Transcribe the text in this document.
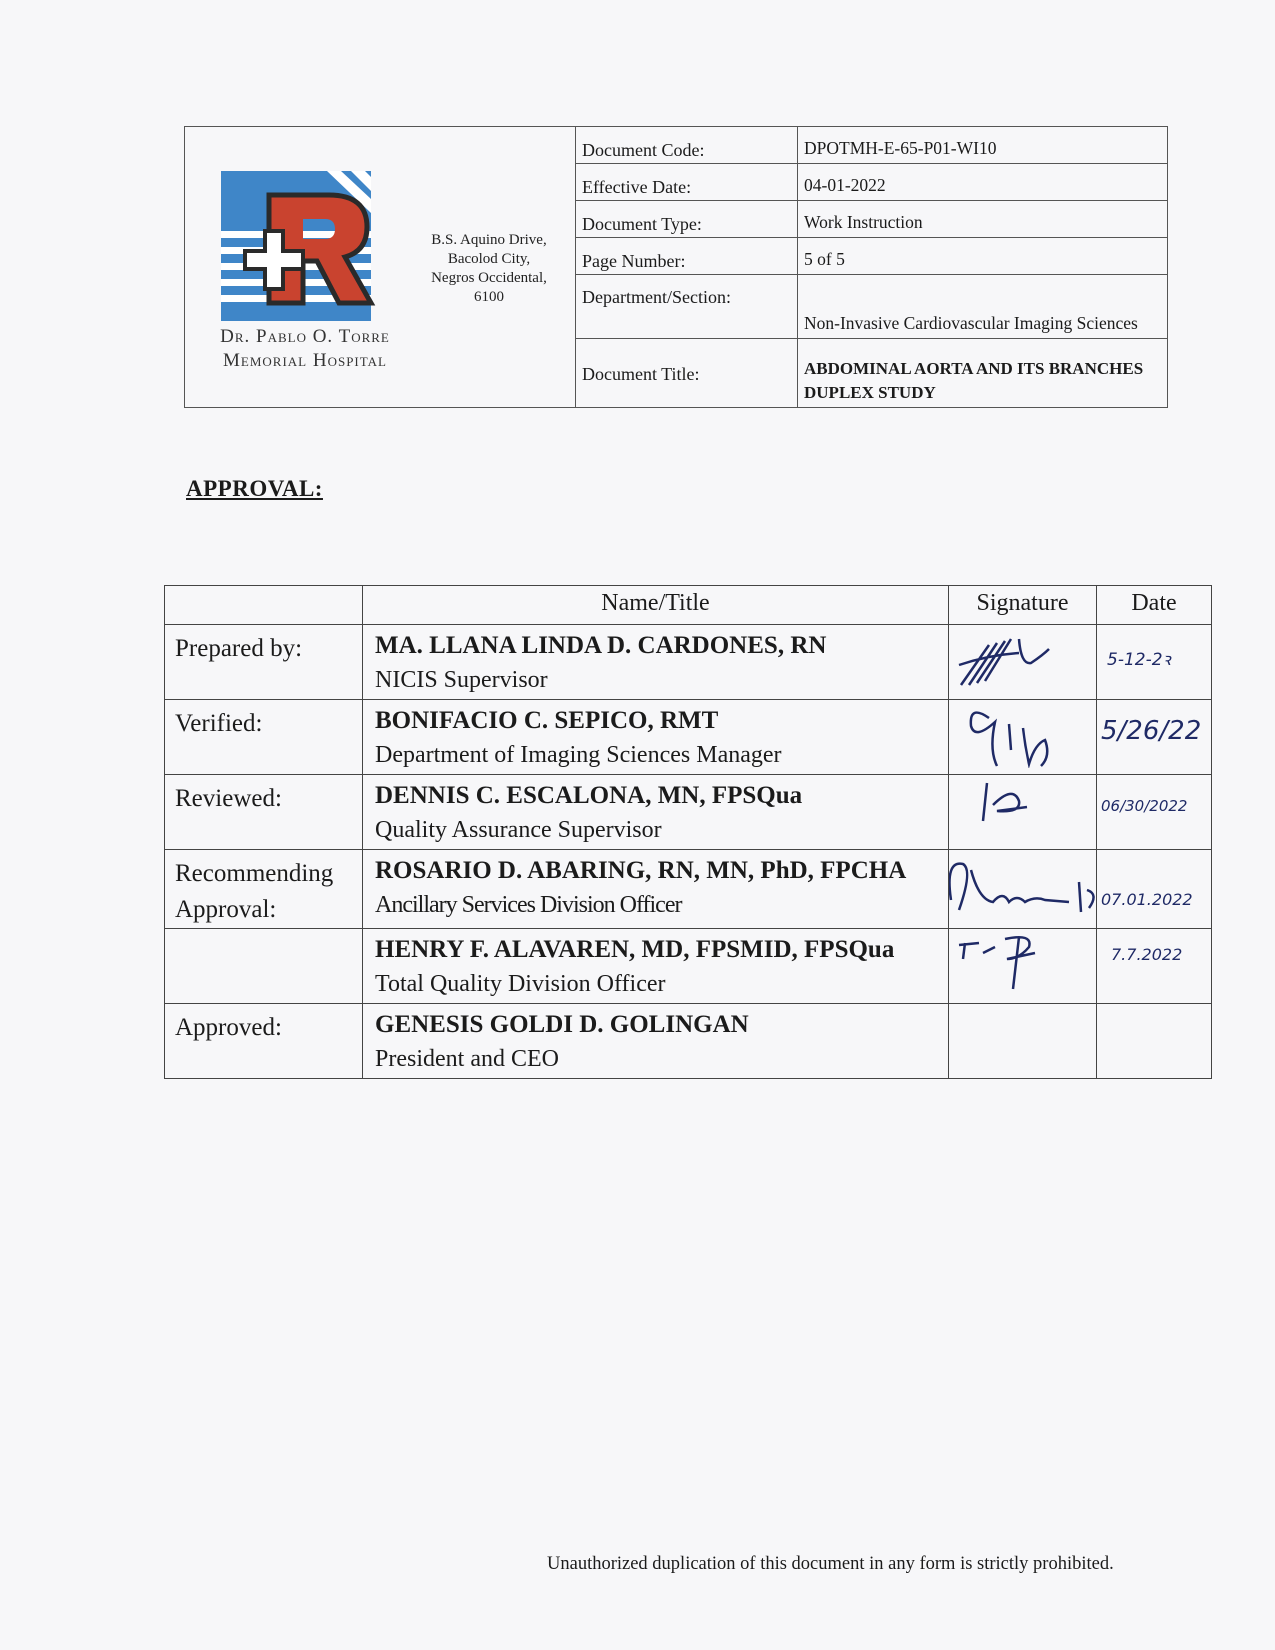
Dr. Pablo O. Torre
Memorial Hospital
B.S. Aquino Drive,
Bacolod City,
Negros Occidental,
6100
Document Code:	DPOTMH-E-65-P01-WI10
Effective Date:	04-01-2022
Document Type:	Work Instruction
Page Number:	5 of 5
Department/Section:
Non-Invasive Cardiovascular Imaging Sciences
Document Title:	ABDOMINAL AORTA AND ITS BRANCHES DUPLEX STUDY
APPROVAL:
	Name/Title	Signature	Date
Prepared by:	MA. LLANA LINDA D. CARDONES, RN
NICIS Supervisor		5-12-2ꝛ

Verified:	BONIFACIO C. SEPICO, RMT
Department of Imaging Sciences Manager		5/26/22

Reviewed:	DENNIS C. ESCALONA, MN, FPSQua
Quality Assurance Supervisor		06/30/2022

Recommending Approval:	ROSARIO D. ABARING, RN, MN, PhD, FPCHA
Ancillary Services Division Officer		07.01.2022

	HENRY F. ALAVAREN, MD, FPSMID, FPSQua
Total Quality Division Officer		7.7.2022

Approved:	GENESIS GOLDI D. GOLINGAN
President and CEO		

Unauthorized duplication of this document in any form is strictly prohibited.
